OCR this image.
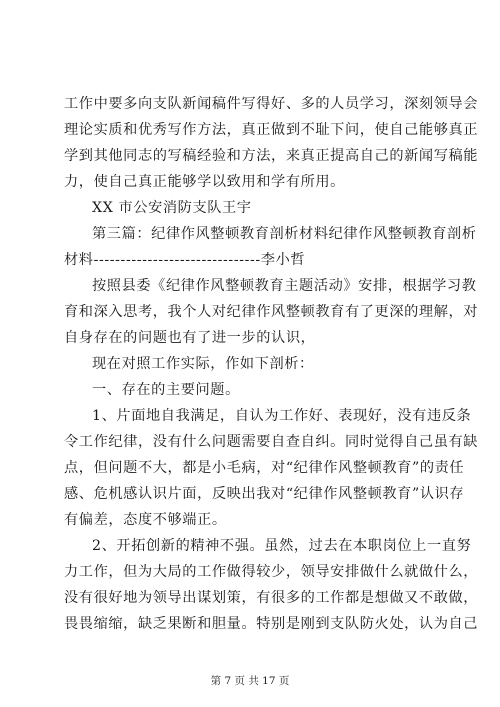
工作中要多向支队新闻稿件写得好、多的人员学习，深刻领导会
理论实质和优秀写作方法，真正做到不耻下问，使自己能够真正
学到其他同志的写稿经验和方法，来真正提高自己的新闻写稿能
力，使自己真正能够学以致用和学有所用。
XX 市公安消防支队王宇
第三篇：纪律作风整顿教育剖析材料纪律作风整顿教育剖析
材料-------------------------------李小哲
按照县委《纪律作风整顿教育主题活动》安排，根据学习教
育和深入思考，我个人对纪律作风整顿教育有了更深的理解，对
自身存在的问题也有了进一步的认识，
现在对照工作实际，作如下剖析：
一、存在的主要问题。
1、片面地自我满足，自认为工作好、表现好，没有违反条
令工作纪律，没有什么问题需要自查自纠。同时觉得自己虽有缺
点，但问题不大，都是小毛病，对“纪律作风整顿教育”的责任
感、危机感认识片面，反映出我对“纪律作风整顿教育”认识存
有偏差，态度不够端正。
2、开拓创新的精神不强。虽然，过去在本职岗位上一直努
力工作，但为大局的工作做得较少，领导安排做什么就做什么，
没有很好地为领导出谋划策，有很多的工作都是想做又不敢做，
畏畏缩缩，缺乏果断和胆量。特别是刚到支队防火处，认为自己
第 7 页 共 17 页
